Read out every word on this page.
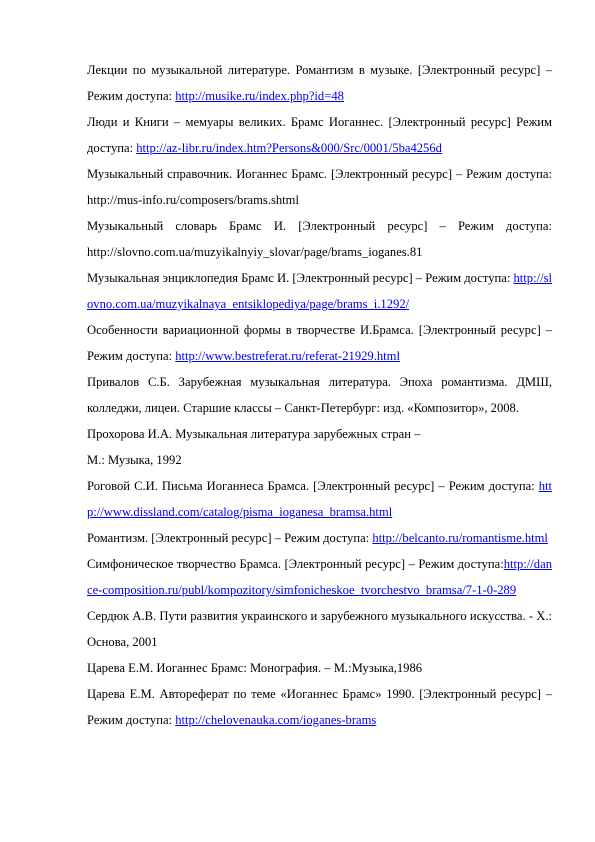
Лекции по музыкальной литературе. Романтизм в музыке. [Электронный ресурс] – Режим доступа: http://musike.ru/index.php?id=48

Люди и Книги – мемуары великих. Брамс Иоганнес. [Электронный ресурс] Режим доступа: http://az-libr.ru/index.htm?Persons&000/Src/0001/5ba4256d

Музыкальный справочник. Иоганнес Брамс. [Электронный ресурс] – Режим доступа: http://mus-info.ru/composers/brams.shtml

Музыкальный словарь Брамс И. [Электронный ресурс] – Режим доступа: http://slovno.com.ua/muzyikalnyiy_slovar/page/brams_ioganes.81

Музыкальная энциклопедия Брамс И. [Электронный ресурс] – Режим доступа: http://slovno.com.ua/muzyikalnaya_entsiklopediya/page/brams_i.1292/

Особенности вариационной формы в творчестве И.Брамса. [Электронный ресурс] – Режим доступа: http://www.bestreferat.ru/referat-21929.html

Привалов С.Б. Зарубежная музыкальная литература. Эпоха романтизма. ДМШ, колледжи, лицеи. Старшие классы – Санкт-Петербург: изд. «Композитор», 2008.

Прохорова И.А. Музыкальная литература зарубежных стран –
М.: Музыка, 1992

Роговой С.И. Письма Иоганнеса Брамса. [Электронный ресурс] – Режим доступа: http://www.dissland.com/catalog/pisma_ioganesa_bramsa.html

Романтизм. [Электронный ресурс] – Режим доступа: http://belcanto.ru/romantisme.html

Симфоническое творчество Брамса. [Электронный ресурс] – Режим доступа:http://dance-composition.ru/publ/kompozitory/simfonicheskoe_tvorchestvo_bramsa/7-1-0-289

Сердюк А.В. Пути развития украинского и зарубежного музыкального искусства. - Х.: Основа, 2001

Царева Е.М. Иоганнес Брамс: Монография. – М.:Музыка,1986

Царева Е.М. Автореферат по теме «Иоганнес Брамс» 1990. [Электронный ресурс] – Режим доступа: http://chelovenauka.com/ioganes-brams
